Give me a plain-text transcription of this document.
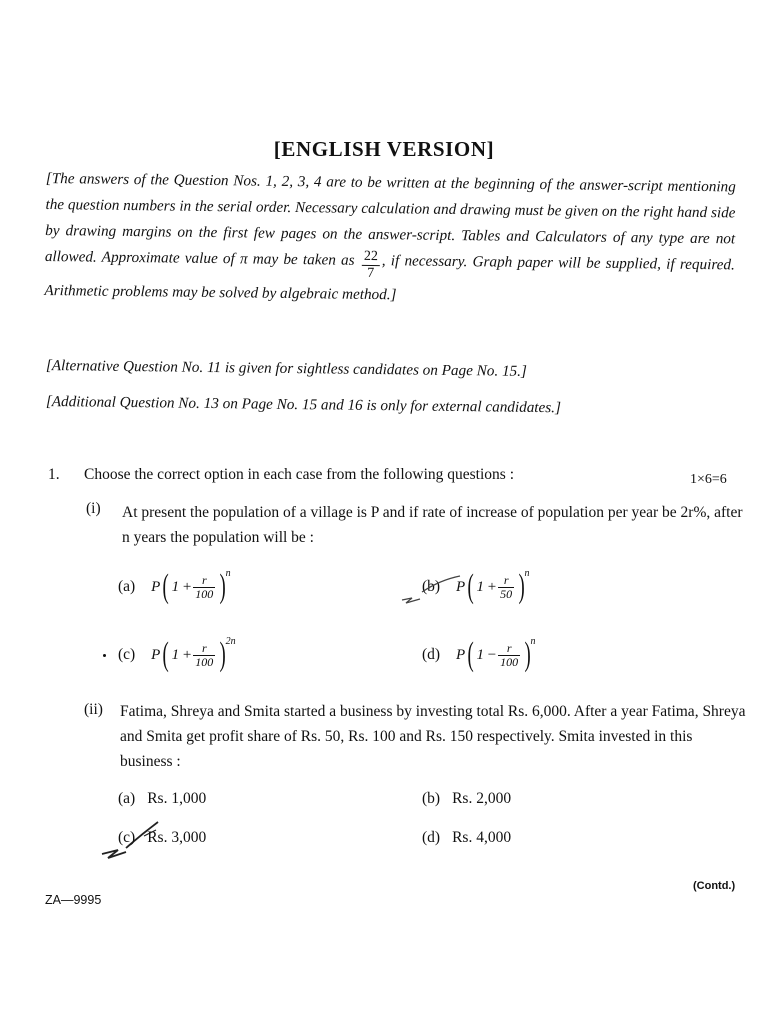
[ENGLISH VERSION]
[The answers of the Question Nos. 1, 2, 3, 4 are to be written at the beginning of the answer-script mentioning the question numbers in the serial order. Necessary calculation and drawing must be given on the right hand side by drawing margins on the first few pages on the answer-script. Tables and Calculators of any type are not allowed. Approximate value of π may be taken as $\frac{22}{7}$ , if necessary. Graph paper will be supplied, if required. Arithmetic problems may be solved by algebraic method.]
[Alternative Question No. 11 is given for sightless candidates on Page No. 15.]
[Additional Question No. 13 on Page No. 15 and 16 is only for external candidates.]
1. Choose the correct option in each case from the following questions :	1×6=6
(i) At present the population of a village is P and if rate of increase of population per year be 2r%, after n years the population will be :
(a) P ( 1
+ $\frac{r}{100}$ ) n
(b) P ( 1
+ $\frac{r}{50}$ ) n
(c) P ( 1
+ $\frac{r}{100}$ ) 2n
(d) P ( 1
− $\frac{r}{100}$ ) n
(ii) Fatima, Shreya and Smita started a business by investing total Rs. 6,000. After a year Fatima, Shreya and Smita get profit share of Rs. 50, Rs. 100 and Rs. 150 respectively. Smita invested in this business :
(a) Rs. 1,000	(b) Rs. 2,000
(c) Rs. 3,000	(d) Rs. 4,000
ZA—9995
(Contd.)
